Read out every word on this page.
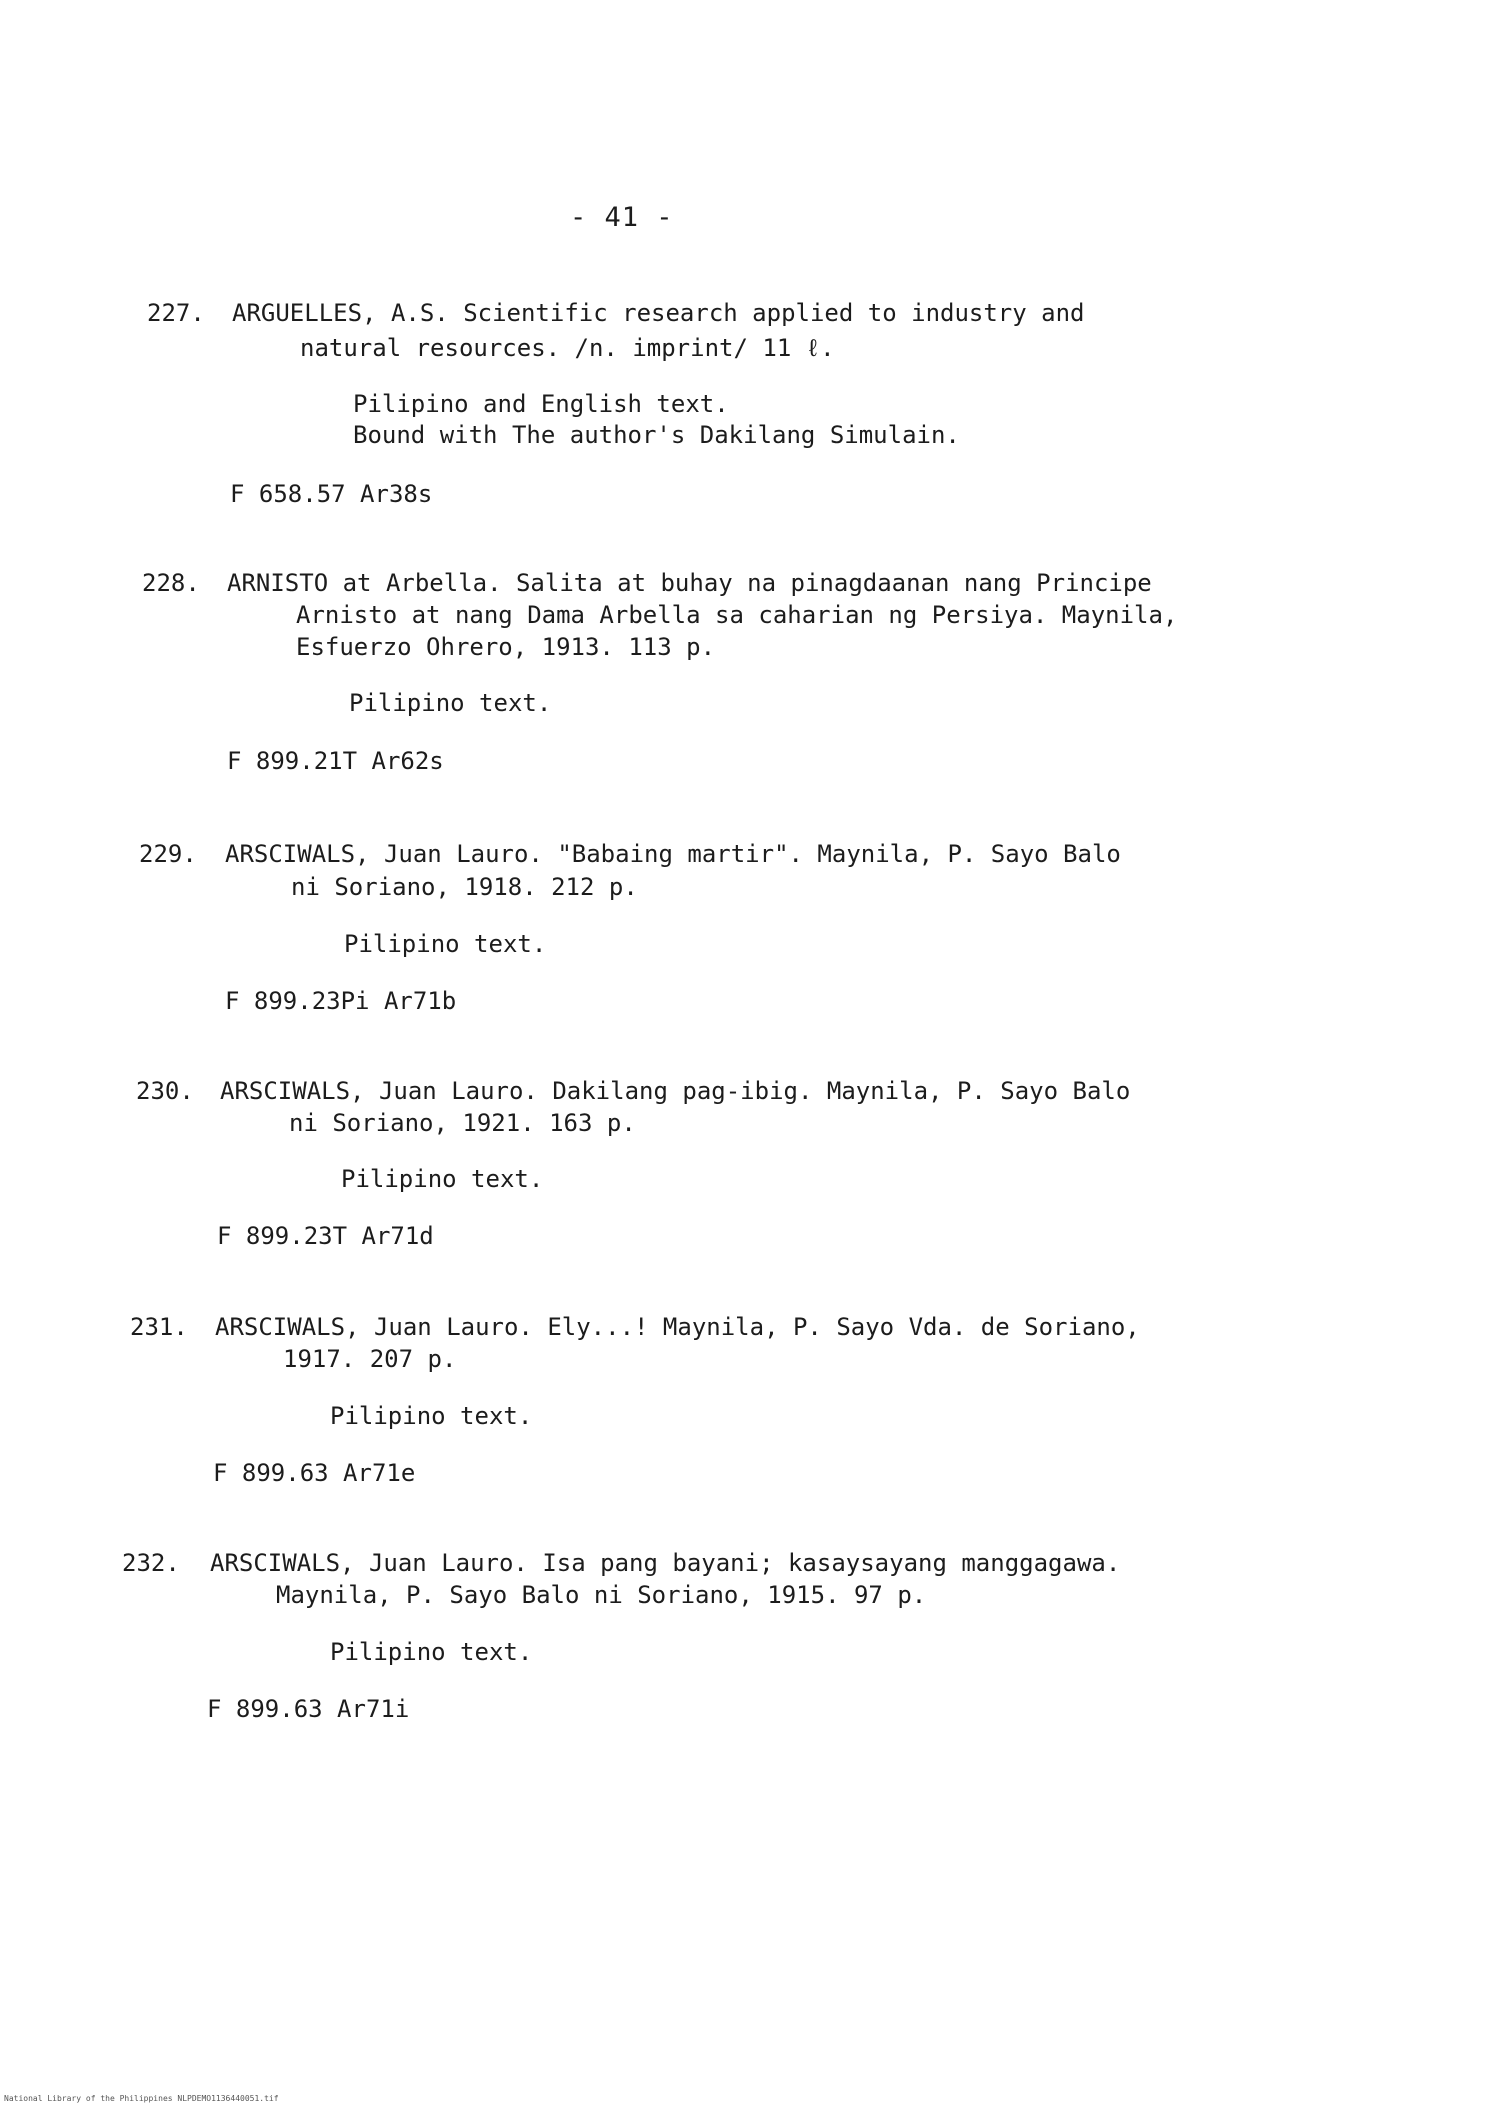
- 41 -
227. ARGUELLES, A.S. Scientific research applied to industry and
natural resources. /n. imprint/ 11 ℓ.
Pilipino and English text.
Bound with The author's Dakilang Simulain.
F 658.57 Ar38s
228. ARNISTO at Arbella. Salita at buhay na pinagdaanan nang Principe
Arnisto at nang Dama Arbella sa caharian ng Persiya. Maynila,
Esfuerzo Ohrero, 1913. 113 p.
Pilipino text.
F 899.21T Ar62s
229. ARSCIWALS, Juan Lauro. "Babaing martir". Maynila, P. Sayo Balo
ni Soriano, 1918. 212 p.
Pilipino text.
F 899.23Pi Ar71b
230. ARSCIWALS, Juan Lauro. Dakilang pag-ibig. Maynila, P. Sayo Balo
ni Soriano, 1921. 163 p.
Pilipino text.
F 899.23T Ar71d
231. ARSCIWALS, Juan Lauro. Ely...! Maynila, P. Sayo Vda. de Soriano,
1917. 207 p.
Pilipino text.
F 899.63 Ar71e
232. ARSCIWALS, Juan Lauro. Isa pang bayani; kasaysayang manggagawa.
Maynila, P. Sayo Balo ni Soriano, 1915. 97 p.
Pilipino text.
F 899.63 Ar71i
National Library of the Philippines NLPDEMO1136440051.tif
